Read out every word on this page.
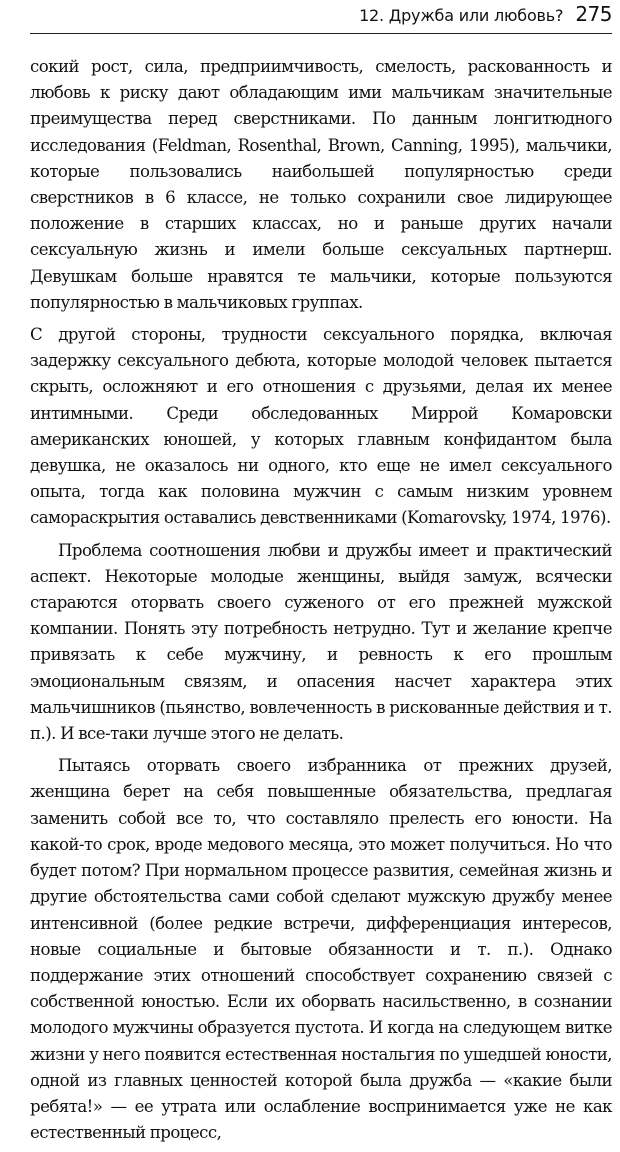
12. Дружба или любовь? 275

сокий рост, сила, предприимчивость, смелость, раскованность и любовь к риску дают обладающим ими мальчикам значительные преимущества перед сверстниками. По данным лонгитюдного исследования (Feldman, Rosenthal, Brown, Canning, 1995), мальчики, которые пользовались наибольшей популярностью среди сверстников в 6 классе, не только сохранили свое лидирующее положение в старших классах, но и раньше других начали сексуальную жизнь и имели больше сексуальных партнерш. Девушкам больше нравятся те мальчики, которые пользуются популярностью в мальчиковых группах.

С другой стороны, трудности сексуального порядка, включая задержку сексуального дебюта, которые молодой человек пытается скрыть, осложняют и его отношения с друзьями, делая их менее интимными. Среди обследованных Миррой Комаровски американских юношей, у которых главным конфидантом была девушка, не оказалось ни одного, кто еще не имел сексуального опыта, тогда как половина мужчин с самым низким уровнем самораскрытия оставались девственниками (Komarovsky, 1974, 1976).

Проблема соотношения любви и дружбы имеет и практический аспект. Некоторые молодые женщины, выйдя замуж, всячески стараются оторвать своего суженого от его прежней мужской компании. Понять эту потребность нетрудно. Тут и желание крепче привязать к себе мужчину, и ревность к его прошлым эмоциональным связям, и опасения насчет характера этих мальчишников (пьянство, вовлеченность в рискованные действия и т. п.). И все-таки лучше этого не делать.

Пытаясь оторвать своего избранника от прежних друзей, женщина берет на себя повышенные обязательства, предлагая заменить собой все то, что составляло прелесть его юности. На какой-то срок, вроде медового месяца, это может получиться. Но что будет потом? При нормальном процессе развития, семейная жизнь и другие обстоятельства сами собой сделают мужскую дружбу менее интенсивной (более редкие встречи, дифференциация интересов, новые социальные и бытовые обязанности и т. п.). Однако поддержание этих отношений способствует сохранению связей с собственной юностью. Если их оборвать насильственно, в сознании молодого мужчины образуется пустота. И когда на следующем витке жизни у него появится естественная ностальгия по ушедшей юности, одной из главных ценностей которой была дружба — «какие были ребята!» — ее утрата или ослабление воспринимается уже не как естественный процесс,
